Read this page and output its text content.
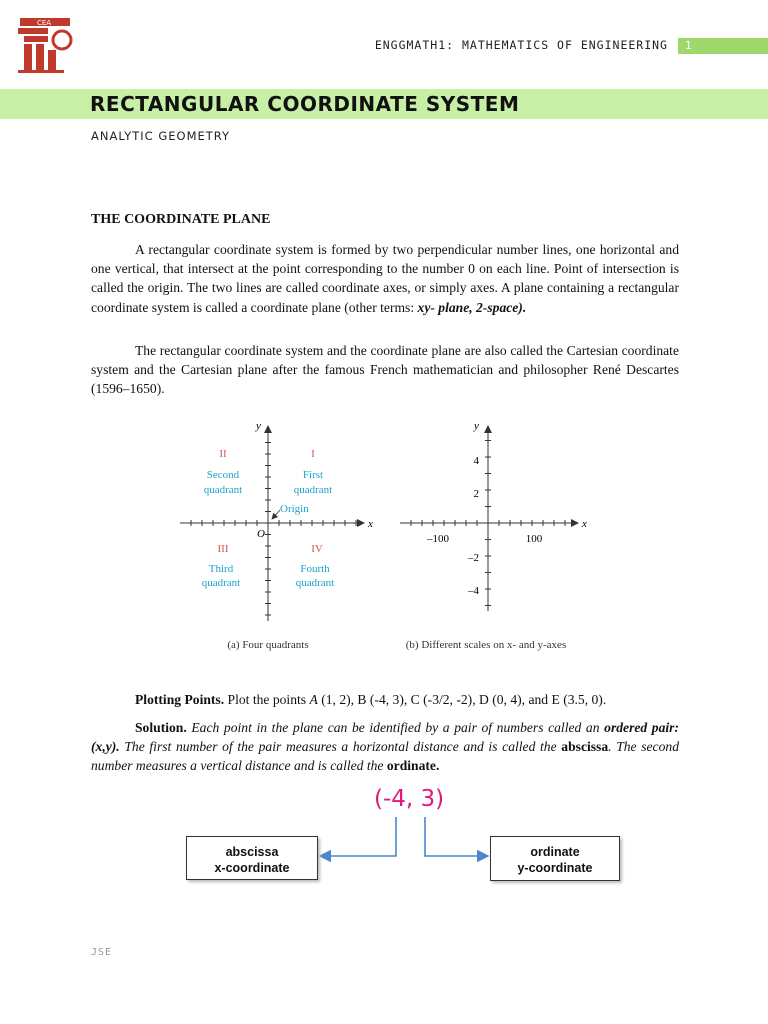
CEA
ENGGMATH1: MATHEMATICS OF ENGINEERING 1
RECTANGULAR COORDINATE SYSTEM
ANALYTIC GEOMETRY
THE COORDINATE PLANE

A rectangular coordinate system is formed by two perpendicular number lines, one horizontal and one vertical, that intersect at the point corresponding to the number 0 on each line. Point of intersection is called the origin. The two lines are called coordinate axes, or simply axes. A plane containing a rectangular coordinate system is called a coordinate plane (other terms: xy- plane, 2-space).

The rectangular coordinate system and the coordinate plane are also called the Cartesian coordinate system and the Cartesian plane after the famous French mathematician and philosopher René Descartes (1596–1650).

x
y
O
Origin
II
Second
quadrant
I
First
quadrant
III
Third
quadrant
IV
Fourth
quadrant
(a) Four quadrants
x
y
–100	100
4
2
–2
–4
(b) Different scales on x- and y-axes

Plotting Points. Plot the points A (1, 2), B (-4, 3), C (-3/2, -2), D (0, 4), and E (3.5, 0).

Solution. Each point in the plane can be identified by a pair of numbers called an ordered pair: (x,y). The first number of the pair measures a horizontal distance and is called the abscissa. The second number measures a vertical distance and is called the ordinate.

(-4, 3)
abscissa
x-coordinate
ordinate
y-coordinate
JSE
